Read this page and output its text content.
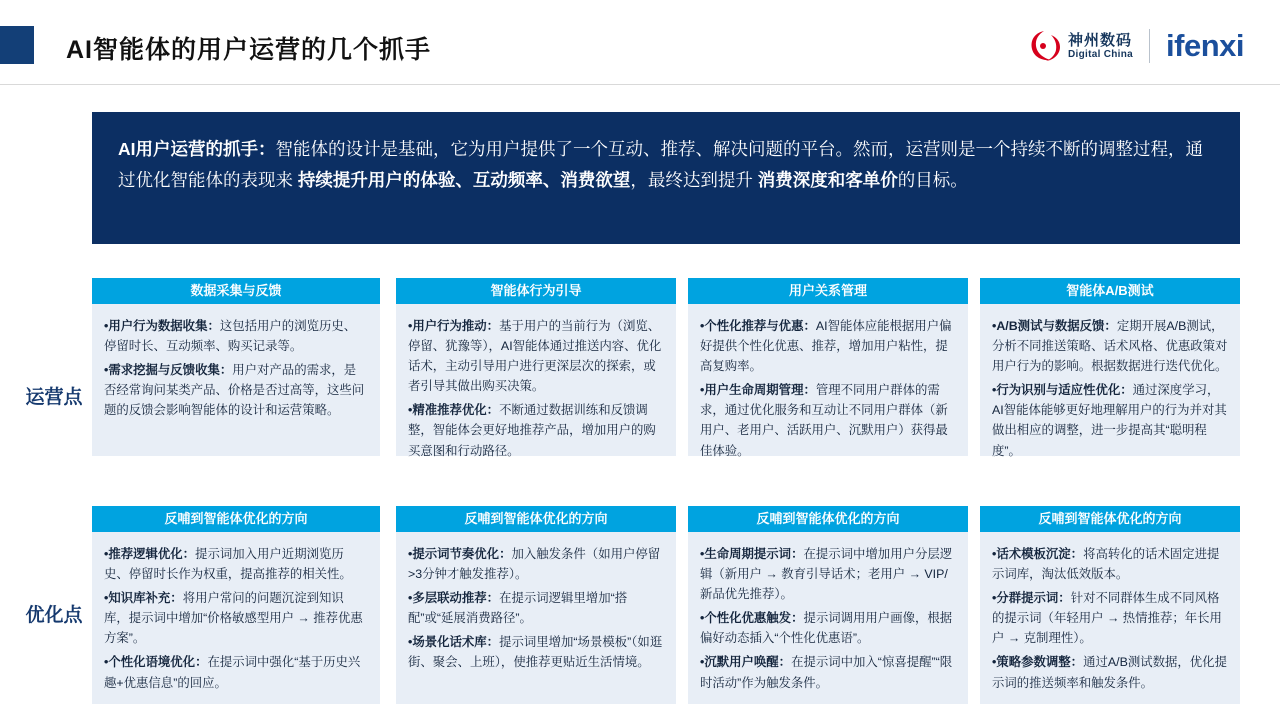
AI智能体的用户运营的几个抓手	神州数码
Digital China ifenxi

AI用户运营的抓手：智能体的设计是基础，它为用户提供了一个互动、推荐、解决问题的平台。然而，运营则是一个持续不断的调整过程，通过优化智能体的表现来 持续提升用户的体验、互动频率、消费欲望，最终达到提升 消费深度和客单价的目标。

运营点
优化点
数据采集与反馈
•用户行为数据收集：这包括用户的浏览历史、停留时长、互动频率、购买记录等。
•需求挖掘与反馈收集：用户对产品的需求，是否经常询问某类产品、价格是否过高等，这些问题的反馈会影响智能体的设计和运营策略。
智能体行为引导
•用户行为推动：基于用户的当前行为（浏览、停留、犹豫等），AI智能体通过推送内容、优化话术，主动引导用户进行更深层次的探索，或者引导其做出购买决策。
•精准推荐优化：不断通过数据训练和反馈调整，智能体会更好地推荐产品，增加用户的购买意图和行动路径。
用户关系管理
•个性化推荐与优惠：AI智能体应能根据用户偏好提供个性化优惠、推荐，增加用户粘性，提高复购率。
•用户生命周期管理：管理不同用户群体的需求，通过优化服务和互动让不同用户群体（新用户、老用户、活跃用户、沉默用户）获得最佳体验。
智能体A/B测试
•A/B测试与数据反馈：定期开展A/B测试，分析不同推送策略、话术风格、优惠政策对用户行为的影响。根据数据进行迭代优化。
•行为识别与适应性优化：通过深度学习，AI智能体能够更好地理解用户的行为并对其做出相应的调整，进一步提高其“聪明程度”。
反哺到智能体优化的方向
•推荐逻辑优化：提示词加入用户近期浏览历史、停留时长作为权重，提高推荐的相关性。
•知识库补充：将用户常问的问题沉淀到知识库，提示词中增加“价格敏感型用户 → 推荐优惠方案”。
•个性化语境优化：在提示词中强化“基于历史兴趣+优惠信息”的回应。
反哺到智能体优化的方向
•提示词节奏优化：加入触发条件（如用户停留>3分钟才触发推荐）。
•多层联动推荐：在提示词逻辑里增加“搭配”或“延展消费路径”。
•场景化话术库：提示词里增加“场景模板”（如逛街、聚会、上班），使推荐更贴近生活情境。
反哺到智能体优化的方向
•生命周期提示词：在提示词中增加用户分层逻辑（新用户 → 教育引导话术；老用户 → VIP/新品优先推荐）。
•个性化优惠触发：提示词调用用户画像，根据偏好动态插入“个性化优惠语”。
•沉默用户唤醒：在提示词中加入“惊喜提醒”“限时活动”作为触发条件。
反哺到智能体优化的方向
•话术模板沉淀：将高转化的话术固定进提示词库，淘汰低效版本。
•分群提示词：针对不同群体生成不同风格的提示词（年轻用户 → 热情推荐；年长用户 → 克制理性）。
•策略参数调整：通过A/B测试数据，优化提示词的推送频率和触发条件。
